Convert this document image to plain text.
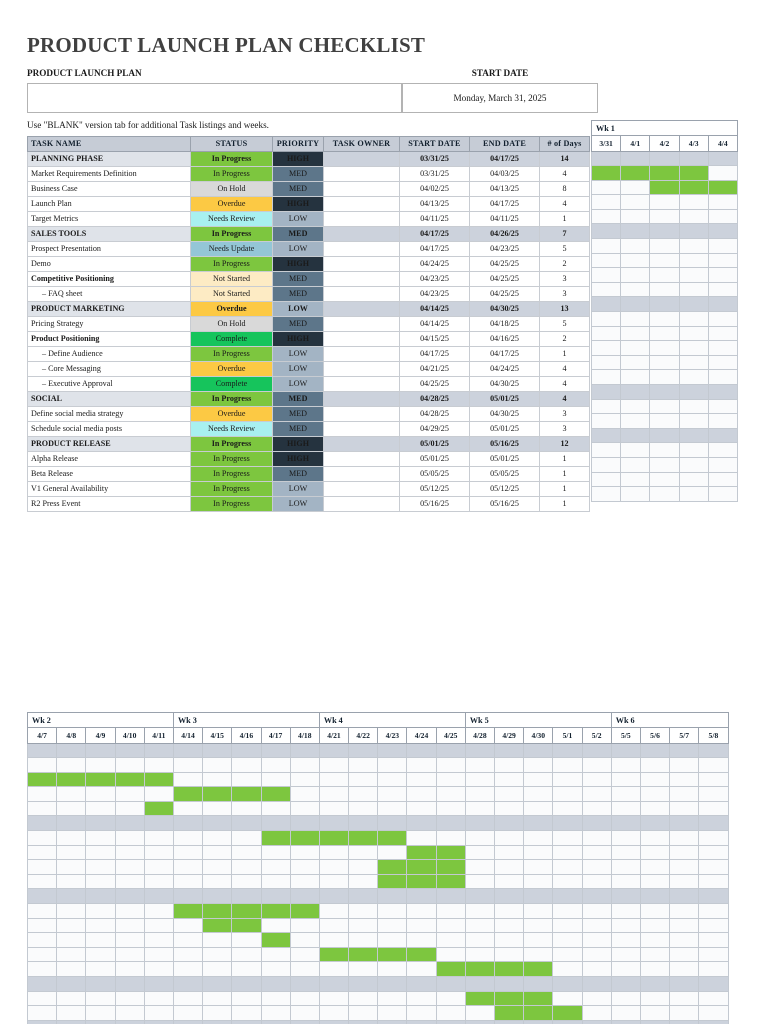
PRODUCT LAUNCH PLAN CHECKLIST
PRODUCT LAUNCH PLAN	START DATE
Monday, March 31, 2025
Use "BLANK" version tab for additional Task listings and weeks.
TASK NAME	STATUS	PRIORITY	TASK OWNER	START DATE	END DATE	# of Days
PLANNING PHASE	In Progress	HIGH		03/31/25	04/17/25	14
Market Requirements Definition	In Progress	MED		03/31/25	04/03/25	4
Business Case	On Hold	MED		04/02/25	04/13/25	8
Launch Plan	Overdue	HIGH		04/13/25	04/17/25	4
Target Metrics	Needs Review	LOW		04/11/25	04/11/25	1
SALES TOOLS	In Progress	MED		04/17/25	04/26/25	7
Prospect Presentation	Needs Update	LOW		04/17/25	04/23/25	5
Demo	In Progress	HIGH		04/24/25	04/25/25	2
Competitive Positioning	Not Started	MED		04/23/25	04/25/25	3
– FAQ sheet	Not Started	MED		04/23/25	04/25/25	3
PRODUCT MARKETING	Overdue	LOW		04/14/25	04/30/25	13
Pricing Strategy	On Hold	MED		04/14/25	04/18/25	5
Product Positioning	Complete	HIGH		04/15/25	04/16/25	2
– Define Audience	In Progress	LOW		04/17/25	04/17/25	1
– Core Messaging	Overdue	LOW		04/21/25	04/24/25	4
– Executive Approval	Complete	LOW		04/25/25	04/30/25	4
SOCIAL	In Progress	MED		04/28/25	05/01/25	4
Define social media strategy	Overdue	MED		04/28/25	04/30/25	3
Schedule social media posts	Needs Review	MED		04/29/25	05/01/25	3
PRODUCT RELEASE	In Progress	HIGH		05/01/25	05/16/25	12
Alpha Release	In Progress	HIGH		05/01/25	05/01/25	1
Beta Release	In Progress	MED		05/05/25	05/05/25	1
V1 General Availability	In Progress	LOW		05/12/25	05/12/25	1
R2 Press Event	In Progress	LOW		05/16/25	05/16/25	1
Wk 1				
3/31	4/1	4/2	4/3	4/4

Wk 2					Wk 3					Wk 4					Wk 5					Wk 6			
4/7	4/8	4/9	4/10	4/11	4/14	4/15	4/16	4/17	4/18	4/21	4/22	4/23	4/24	4/25	4/28	4/29	4/30	5/1	5/2	5/5	5/6	5/7	5/8
